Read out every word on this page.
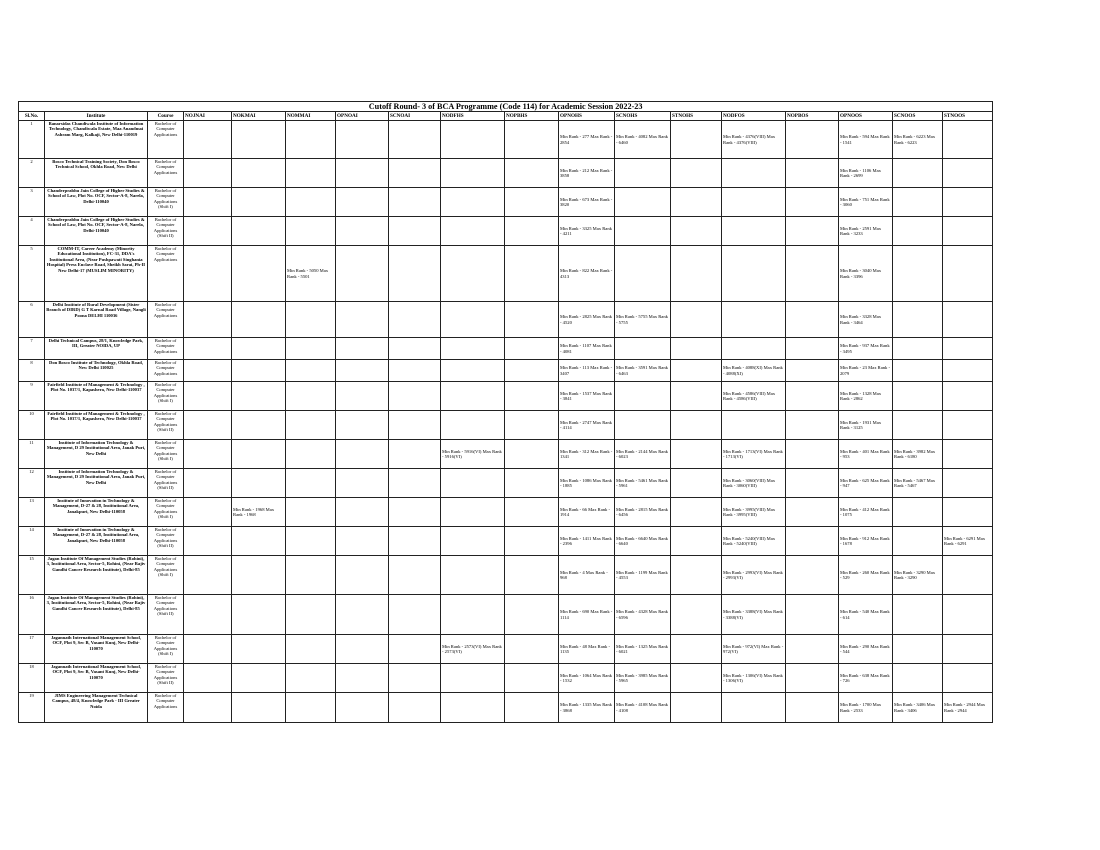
Cutoff Round- 3 of BCA Programme (Code 114) for Academic Session 2022-23																	
Sl.No.	Institute	Course	NOJNAI	NOKMAI	NOMMAI	OPNOAI	SCNOAI	NODFHS	NOPBHS	OPNOHS	SCNOHS	STNOHS	NODFOS	NOPBOS	OPNOOS	SCNOOS	STNOOS
1	Banarsidas Chandiwala Institute of Information Technology, Chandiwala Estate, Maa Anandmai Ashram Marg, Kalkaji, New Delhi-110019	Bachelor of Computer Applications								Min Rank - 277 Max Rank - 2854	Min Rank - 4082 Max Rank - 6460		Min Rank - 4376(VIII) Max Rank - 4376(VIII)		Min Rank - 594 Max Rank - 1541	Min Rank - 6223 Max Rank - 6223	
2	Bosco Technical Training Society, Don Bosco Technical School, Okhla Road, New Delhi	Bachelor of Computer Applications								Min Rank - 212 Max Rank - 3858					Min Rank - 1106 Max Rank - 2699		
3	Chanderprabhu Jain College of Higher Studies & School of Law, Plot No. OCF, Sector-A-8, Narela, Delhi-110040	Bachelor of Computer Applications (Shift I)								Min Rank - 673 Max Rank - 3820					Min Rank - 751 Max Rank - 3060		
4	Chanderprabhu Jain College of Higher Studies & School of Law, Plot No. OCF, Sector-A-8, Narela, Delhi-110040	Bachelor of Computer Applications (Shift II)								Min Rank - 3325 Max Rank - 4211					Min Rank - 2591 Max Rank - 3233		
5	COMM-IT, Career Academy (Minority Educational Institution), FC-31, DDA's Institutional Area, (Near Pushpawati Singhania Hospital) Press Enclave Road, Sheikh Sarai, Ph-II New Delhi-17 (MUSLIM MINORITY)	Bachelor of Computer Applications			Min Rank - 5050 Max Rank - 5501					Min Rank - 822 Max Rank - 4313					Min Rank - 3040 Max Rank - 3396		
6	Delhi Institute of Rural Development (Sister Branch of DIRD) G T Karnal Road Village, Nangli Poona DELHI 110036	Bachelor of Computer Applications								Min Rank - 2825 Max Rank - 4520	Min Rank - 5755 Max Rank - 5755				Min Rank - 3328 Max Rank - 3464		
7	Delhi Technical Campus, 28/1, Knowledge Park, III, Greater NOIDA, UP	Bachelor of Computer Applications								Min Rank - 1107 Max Rank - 4081					Min Rank - 937 Max Rank - 3495		
8	Don Bosco Institute of Technology, Okhla Road, New Delhi 110025	Bachelor of Computer Applications								Min Rank - 113 Max Rank - 3407	Min Rank - 3591 Max Rank - 6463		Min Rank - 4088(XI) Max Rank - 4088(XI)		Min Rank - 23 Max Rank - 2079		
9	Fairfield Institute of Management & Technology , Plot No. 1037/1, Kapashera, New Delhi-110037	Bachelor of Computer Applications (Shift I)								Min Rank - 1537 Max Rank - 3841			Min Rank - 4586(VIII) Max Rank - 4586(VIII)		Min Rank - 1328 Max Rank - 2862		
10	Fairfield Institute of Management & Technology , Plot No. 1037/1, Kapashera, New Delhi-110037	Bachelor of Computer Applications (Shift II)								Min Rank - 2747 Max Rank - 4114					Min Rank - 1931 Max Rank - 3125		
11	Institute of Information Technology & Management, D 29 Institutional Area, Janak Puri, New Delhi	Bachelor of Computer Applications (Shift I)						Min Rank - 5916(VI) Max Rank - 5916(VI)		Min Rank - 312 Max Rank - 1341	Min Rank - 2144 Max Rank - 6023		Min Rank - 1713(VI) Max Rank - 1713(VI)		Min Rank - 401 Max Rank - 953	Min Rank - 3982 Max Rank - 6180	
12	Institute of Information Technology & Management, D 29 Institutional Area, Janak Puri, New Delhi	Bachelor of Computer Applications (Shift II)								Min Rank - 1086 Max Rank - 1885	Min Rank - 5461 Max Rank - 5961		Min Rank - 3060(VIII) Max Rank - 3060(VIII)		Min Rank - 625 Max Rank - 947	Min Rank - 5467 Max Rank - 5467	
13	Institute of Innovation in Technology & Management, D-27 & 28, Institutional Area, Janakpuri, New Delhi-110058	Bachelor of Computer Applications (Shift I)		Min Rank - 1968 Max Rank - 1968						Min Rank - 66 Max Rank - 1914	Min Rank - 2815 Max Rank - 6456		Min Rank - 3995(VIII) Max Rank - 3995(VIII)		Min Rank - 412 Max Rank - 1075		
14	Institute of Innovation in Technology & Management, D-27 & 28, Institutional Area, Janakpuri, New Delhi-110058	Bachelor of Computer Applications (Shift II)								Min Rank - 1411 Max Rank - 2396	Min Rank - 6640 Max Rank - 6640		Min Rank - 5240(VIII) Max Rank - 5240(VIII)		Min Rank - 912 Max Rank - 1678		Min Rank - 6291 Max Rank - 6291
15	Jagan Institute Of Management Studies (Rohini), 3, Institutional Area, Sector-5, Rohini, (Near Rajiv Gandhi Cancer Research Institute), Delhi-85	Bachelor of Computer Applications (Shift I)								Min Rank - 4 Max Rank - 968	Min Rank - 1199 Max Rank - 4553		Min Rank - 2993(VI) Max Rank - 2993(VI)		Min Rank - 260 Max Rank - 529	Min Rank - 3290 Max Rank - 3290	
16	Jagan Institute Of Management Studies (Rohini), 3, Institutional Area, Sector-5, Rohini, (Near Rajiv Gandhi Cancer Research Institute), Delhi-85	Bachelor of Computer Applications (Shift II)								Min Rank - 690 Max Rank - 1114	Min Rank - 4328 Max Rank - 6596		Min Rank - 3388(VI) Max Rank - 3388(VI)		Min Rank - 540 Max Rank - 614		
17	Jagannath International Management School, OCF, Plot 9, Sec B, Vasant Kunj, New Delhi-110070	Bachelor of Computer Applications (Shift I)						Min Rank - 2573(VI) Max Rank - 2573(VI)		Min Rank - 48 Max Rank - 1135	Min Rank - 1325 Max Rank - 6021		Min Rank - 972(VI) Max Rank - 972(VI)		Min Rank - 290 Max Rank - 544		
18	Jagannath International Management School, OCF, Plot 9, Sec B, Vasant Kunj, New Delhi-110070	Bachelor of Computer Applications (Shift II)								Min Rank - 1064 Max Rank - 1532	Min Rank - 3985 Max Rank - 5965		Min Rank - 1306(VI) Max Rank - 1306(VI)		Min Rank - 638 Max Rank - 726		
19	JIMS Engineering Management Technical Campus, 48/4, Knowledge Park - III Greater Noida	Bachelor of Computer Applications								Min Rank - 1335 Max Rank - 3868	Min Rank - 4108 Max Rank - 4108				Min Rank - 1700 Max Rank - 2533	Min Rank - 3406 Max Rank - 3406	Min Rank - 2944 Max Rank - 2944
